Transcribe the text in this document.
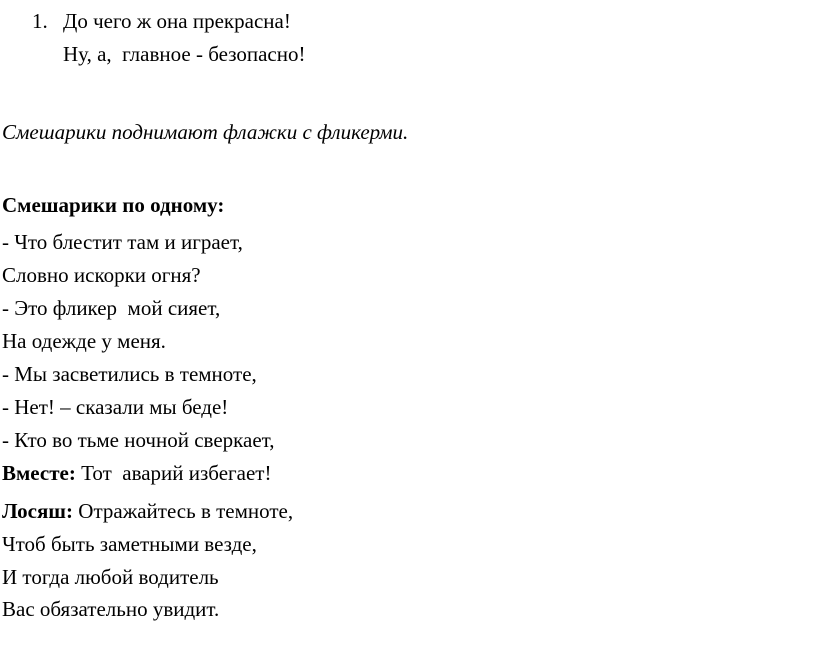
1. До чего ж она прекрасна!
Ну, а,  главное - безопасно!
Смешарики поднимают флажки с фликерми.
Смешарики по одному:
- Что блестит там и играет,
Словно искорки огня?
- Это фликер  мой сияет,
На одежде у меня.
- Мы засветились в темноте,
- Нет! – сказали мы беде!
- Кто во тьме ночной сверкает,
Вместе: Тот  аварий избегает!
Лосяш: Отражайтесь в темноте,
Чтоб быть заметными везде,
И тогда любой водитель
Вас обязательно увидит.
